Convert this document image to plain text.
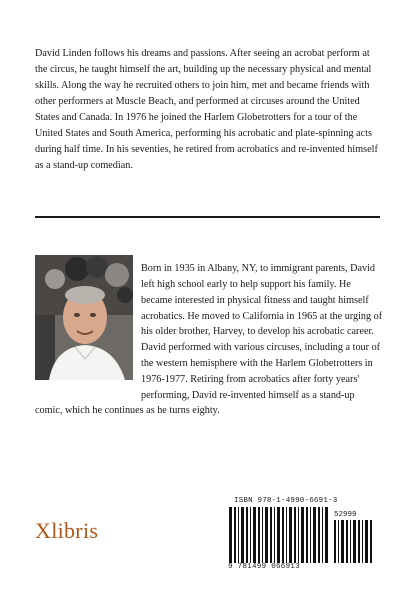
David Linden follows his dreams and passions. After seeing an acrobat perform at the circus, he taught himself the art, building up the necessary physical and mental skills. Along the way he recruited others to join him, met and became friends with other performers at Muscle Beach, and performed at circuses around the United States and Canada. In 1976 he joined the Harlem Globetrotters for a tour of the United States and South America, performing his acrobatic and plate-spinning acts during half time. In his seventies, he retired from acrobatics and re-invented himself as a stand-up comedian.

Born in 1935 in Albany, NY, to immigrant parents, David left high school early to help support his family. He became interested in physical fitness and taught himself acrobatics. He moved to California in 1965 at the urging of his older brother, Harvey, to develop his acrobatic career. David performed with various circuses, including a tour of the western hemisphere with the Harlem Globetrotters in 1976-1977. Retiring from acrobatics after forty years' performing, David re-invented himself as a stand-up comic, which he continues as he turns eighty.

Xlibris
ISBN 978-1-4990-6691-3
52999
9 781499 066913
